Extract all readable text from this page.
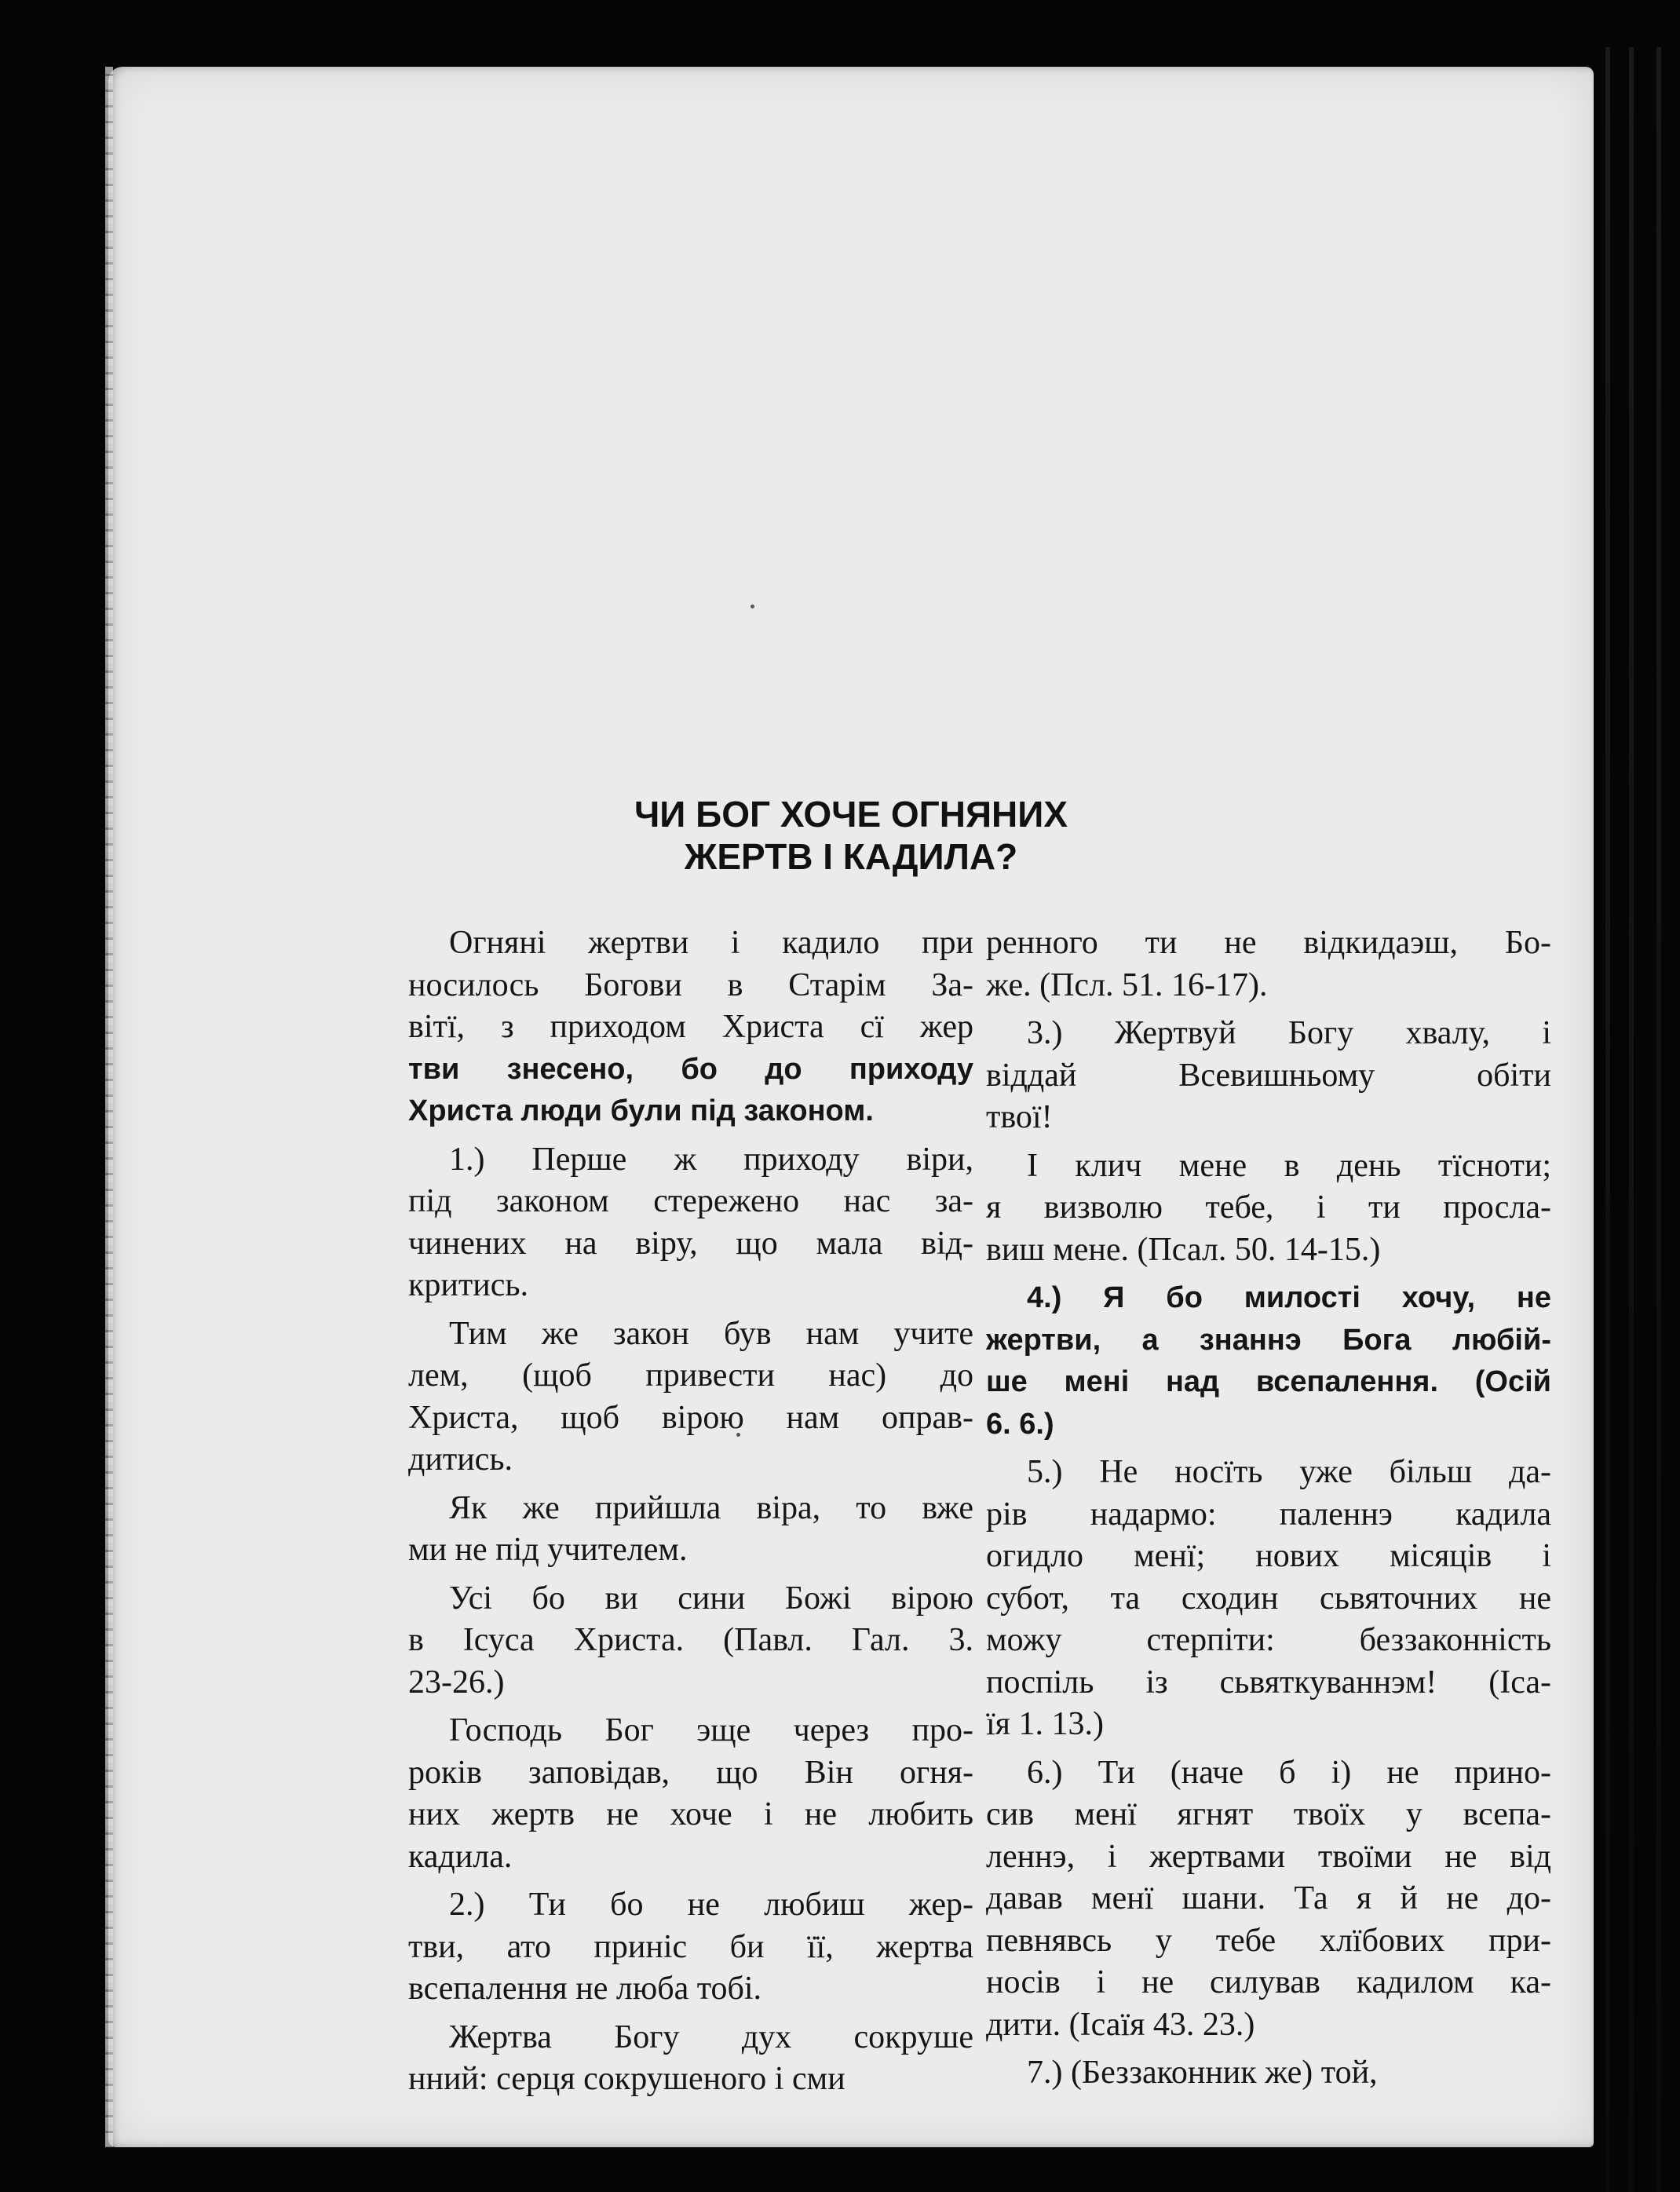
ЧИ БОГ ХОЧЕ ОГНЯНИХ
ЖЕРТВ І КАДИЛА?
Огняні жертви і кадило при
носилось Богови в Старім За-
вітї, з приходом Христа сї жер
тви знесено, бо до приходу
Христа люди були під законом.
1.) Перше ж приходу віри,
під законом стережено нас за-
чинених на віру, що мала від-
критись.
Тим же закон був нам учите
лем, (щоб привести нас) до
Христа, щоб вірою нам оправ-
дитись.
Як же прийшла віра, то вже
ми не під учителем.
Усі бо ви сини Божі вірою
в Ісуса Христа. (Павл. Гал. 3.
23-26.)
Господь Бог эще через про-
років заповідав, що Він огня-
них жертв не хоче і не любить
кадила.
2.) Ти бо не любиш жер-
тви, ато приніс би її, жертва
всепалення не люба тобі.
Жертва Богу дух сокруше
нний: серця сокрушеного і сми
ренного ти не відкидаэш, Бо-
же. (Псл. 51. 16-17).
3.) Жертвуй Богу хвалу, і
віддай Всевишньому обіти
твої!
І клич мене в день тїсноти;
я визволю тебе, і ти просла-
виш мене. (Псал. 50. 14-15.)
4.) Я бо милості хочу, не
жертви, а знаннэ Бога любій-
ше мені над всепалення. (Осій
6. 6.)
5.) Не носїть уже більш да-
рів надармо: паленнэ кадила
огидло менї; нових місяців і
субот, та сходин сьвяточних не
можу стерпіти: беззаконність
поспіль із сьвяткуваннэм! (Іса-
їя 1. 13.)
6.) Ти (наче б і) не прино-
сив менї ягнят твоїх у всепа-
леннэ, і жертвами твоїми не від
давав менї шани. Та я й не до-
певнявсь у тебе хлїбових при-
носів і не силував кадилом ка-
дити. (Ісаїя 43. 23.)
7.) (Беззаконник же) той,
